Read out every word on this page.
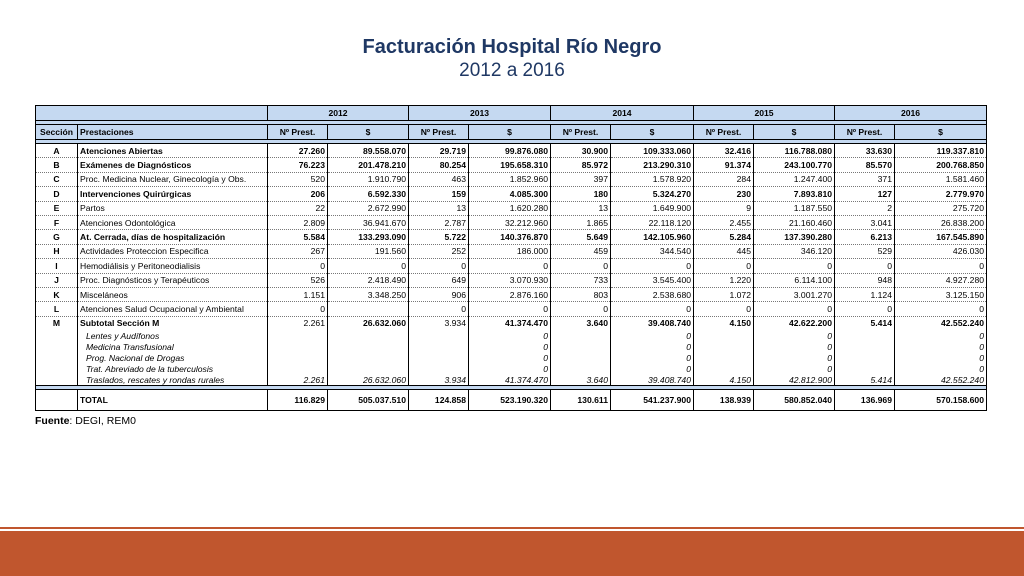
Facturación Hospital Río Negro
2012 a 2016
		2012		2013		2014		2015		2016	

Sección	Prestaciones	Nº Prest.	$	Nº Prest.	$	Nº Prest.	$	Nº Prest.	$	Nº Prest.	$

A	Atenciones Abiertas	27.260	89.558.070	29.719	99.876.080	30.900	109.333.060	32.416	116.788.080	33.630	119.337.810
B	Exámenes de Diagnósticos	76.223	201.478.210	80.254	195.658.310	85.972	213.290.310	91.374	243.100.770	85.570	200.768.850
C	Proc. Medicina Nuclear, Ginecología y Obs.	520	1.910.790	463	1.852.960	397	1.578.920	284	1.247.400	371	1.581.460
D	Intervenciones Quirúrgicas	206	6.592.330	159	4.085.300	180	5.324.270	230	7.893.810	127	2.779.970
E	Partos	22	2.672.990	13	1.620.280	13	1.649.900	9	1.187.550	2	275.720
F	Atenciones Odontológica	2.809	36.941.670	2.787	32.212.960	1.865	22.118.120	2.455	21.160.460	3.041	26.838.200
G	At. Cerrada, días de hospitalización	5.584	133.293.090	5.722	140.376.870	5.649	142.105.960	5.284	137.390.280	6.213	167.545.890
H	Actividades Proteccion Especifica	267	191.560	252	186.000	459	344.540	445	346.120	529	426.030
I	Hemodiálisis y Peritoneodialisis	0	0	0	0	0	0	0	0	0	0
J	Proc. Diagnósticos y Terapéuticos	526	2.418.490	649	3.070.930	733	3.545.400	1.220	6.114.100	948	4.927.280
K	Misceláneos	1.151	3.348.250	906	2.876.160	803	2.538.680	1.072	3.001.270	1.124	3.125.150
L	Atenciones Salud Ocupacional y Ambiental	0		0	0	0	0	0	0	0	0
M	Subtotal Sección M	2.261	26.632.060	3.934	41.374.470	3.640	39.408.740	4.150	42.622.200	5.414	42.552.240
	Lentes y Audífonos				0		0		0		0
	Medicina Transfusional				0		0		0		0
	Prog. Nacional de Drogas				0		0		0		0
	Trat. Abreviado de la tuberculosis				0		0		0		0
	Traslados, rescates y rondas rurales	2.261	26.632.060	3.934	41.374.470	3.640	39.408.740	4.150	42.812.900	5.414	42.552.240

	TOTAL	116.829	505.037.510	124.858	523.190.320	130.611	541.237.900	138.939	580.852.040	136.969	570.158.600
Fuente: DEGI, REM0
